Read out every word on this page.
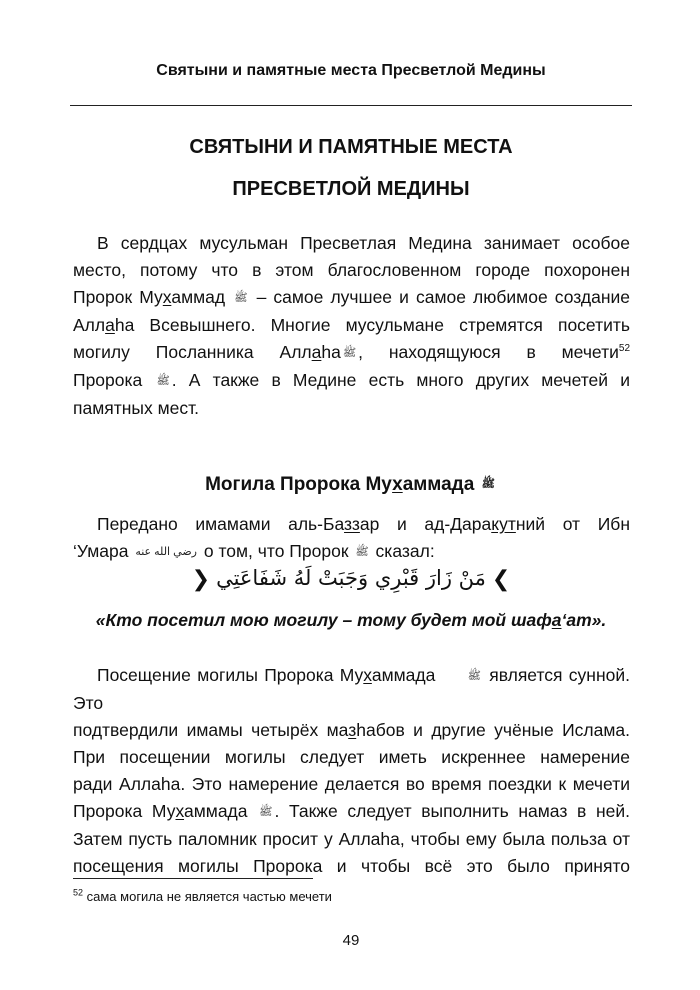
Святыни и памятные места Пресветлой Медины
СВЯТЫНИ И ПАМЯТНЫЕ МЕСТА
ПРЕСВЕТЛОЙ МЕДИНЫ
В сердцах мусульман Пресветлая Медина занимает особое
место, потому что в этом благословенном городе похоронен
Пророк Мухаммад ﷺ – самое лучшее и самое любимое создание
Аллаhа Всевышнего. Многие мусульмане стремятся посетить
могилу Посланника Аллаhа ﷺ , находящуюся в мечети$^{52}$
Пророка ﷺ . А также в Медине есть много других мечетей и
памятных мест.
Могила Пророка Мухаммада ﷺ
Передано имамами аль-Баззар и ад-Даракутний от Ибн
‘Умара رضي الله عنه о том, что Пророк ﷺ сказал:
❯مَنْ زَارَ قَبْرِي وَجَبَتْ لَهُ شَفَاعَتِي❮
«Кто посетил мою могилу – тому будет мой шафа‘ат».
Посещение могилы Пророка Мухаммада	ﷺ является сунной. Это
подтвердили имамы четырёх мазhабов и другие учёные Ислама.
При посещении могилы следует иметь искреннее намерение
ради Аллаhа. Это намерение делается во время поездки к мечети
Пророка Мухаммада ﷺ . Также следует выполнить намаз в ней.
Затем пусть паломник просит у Аллаhа, чтобы ему была польза от
посещения могилы Пророка и чтобы всё это было принято
$^{52}$ сама могила не является частью мечети
49
